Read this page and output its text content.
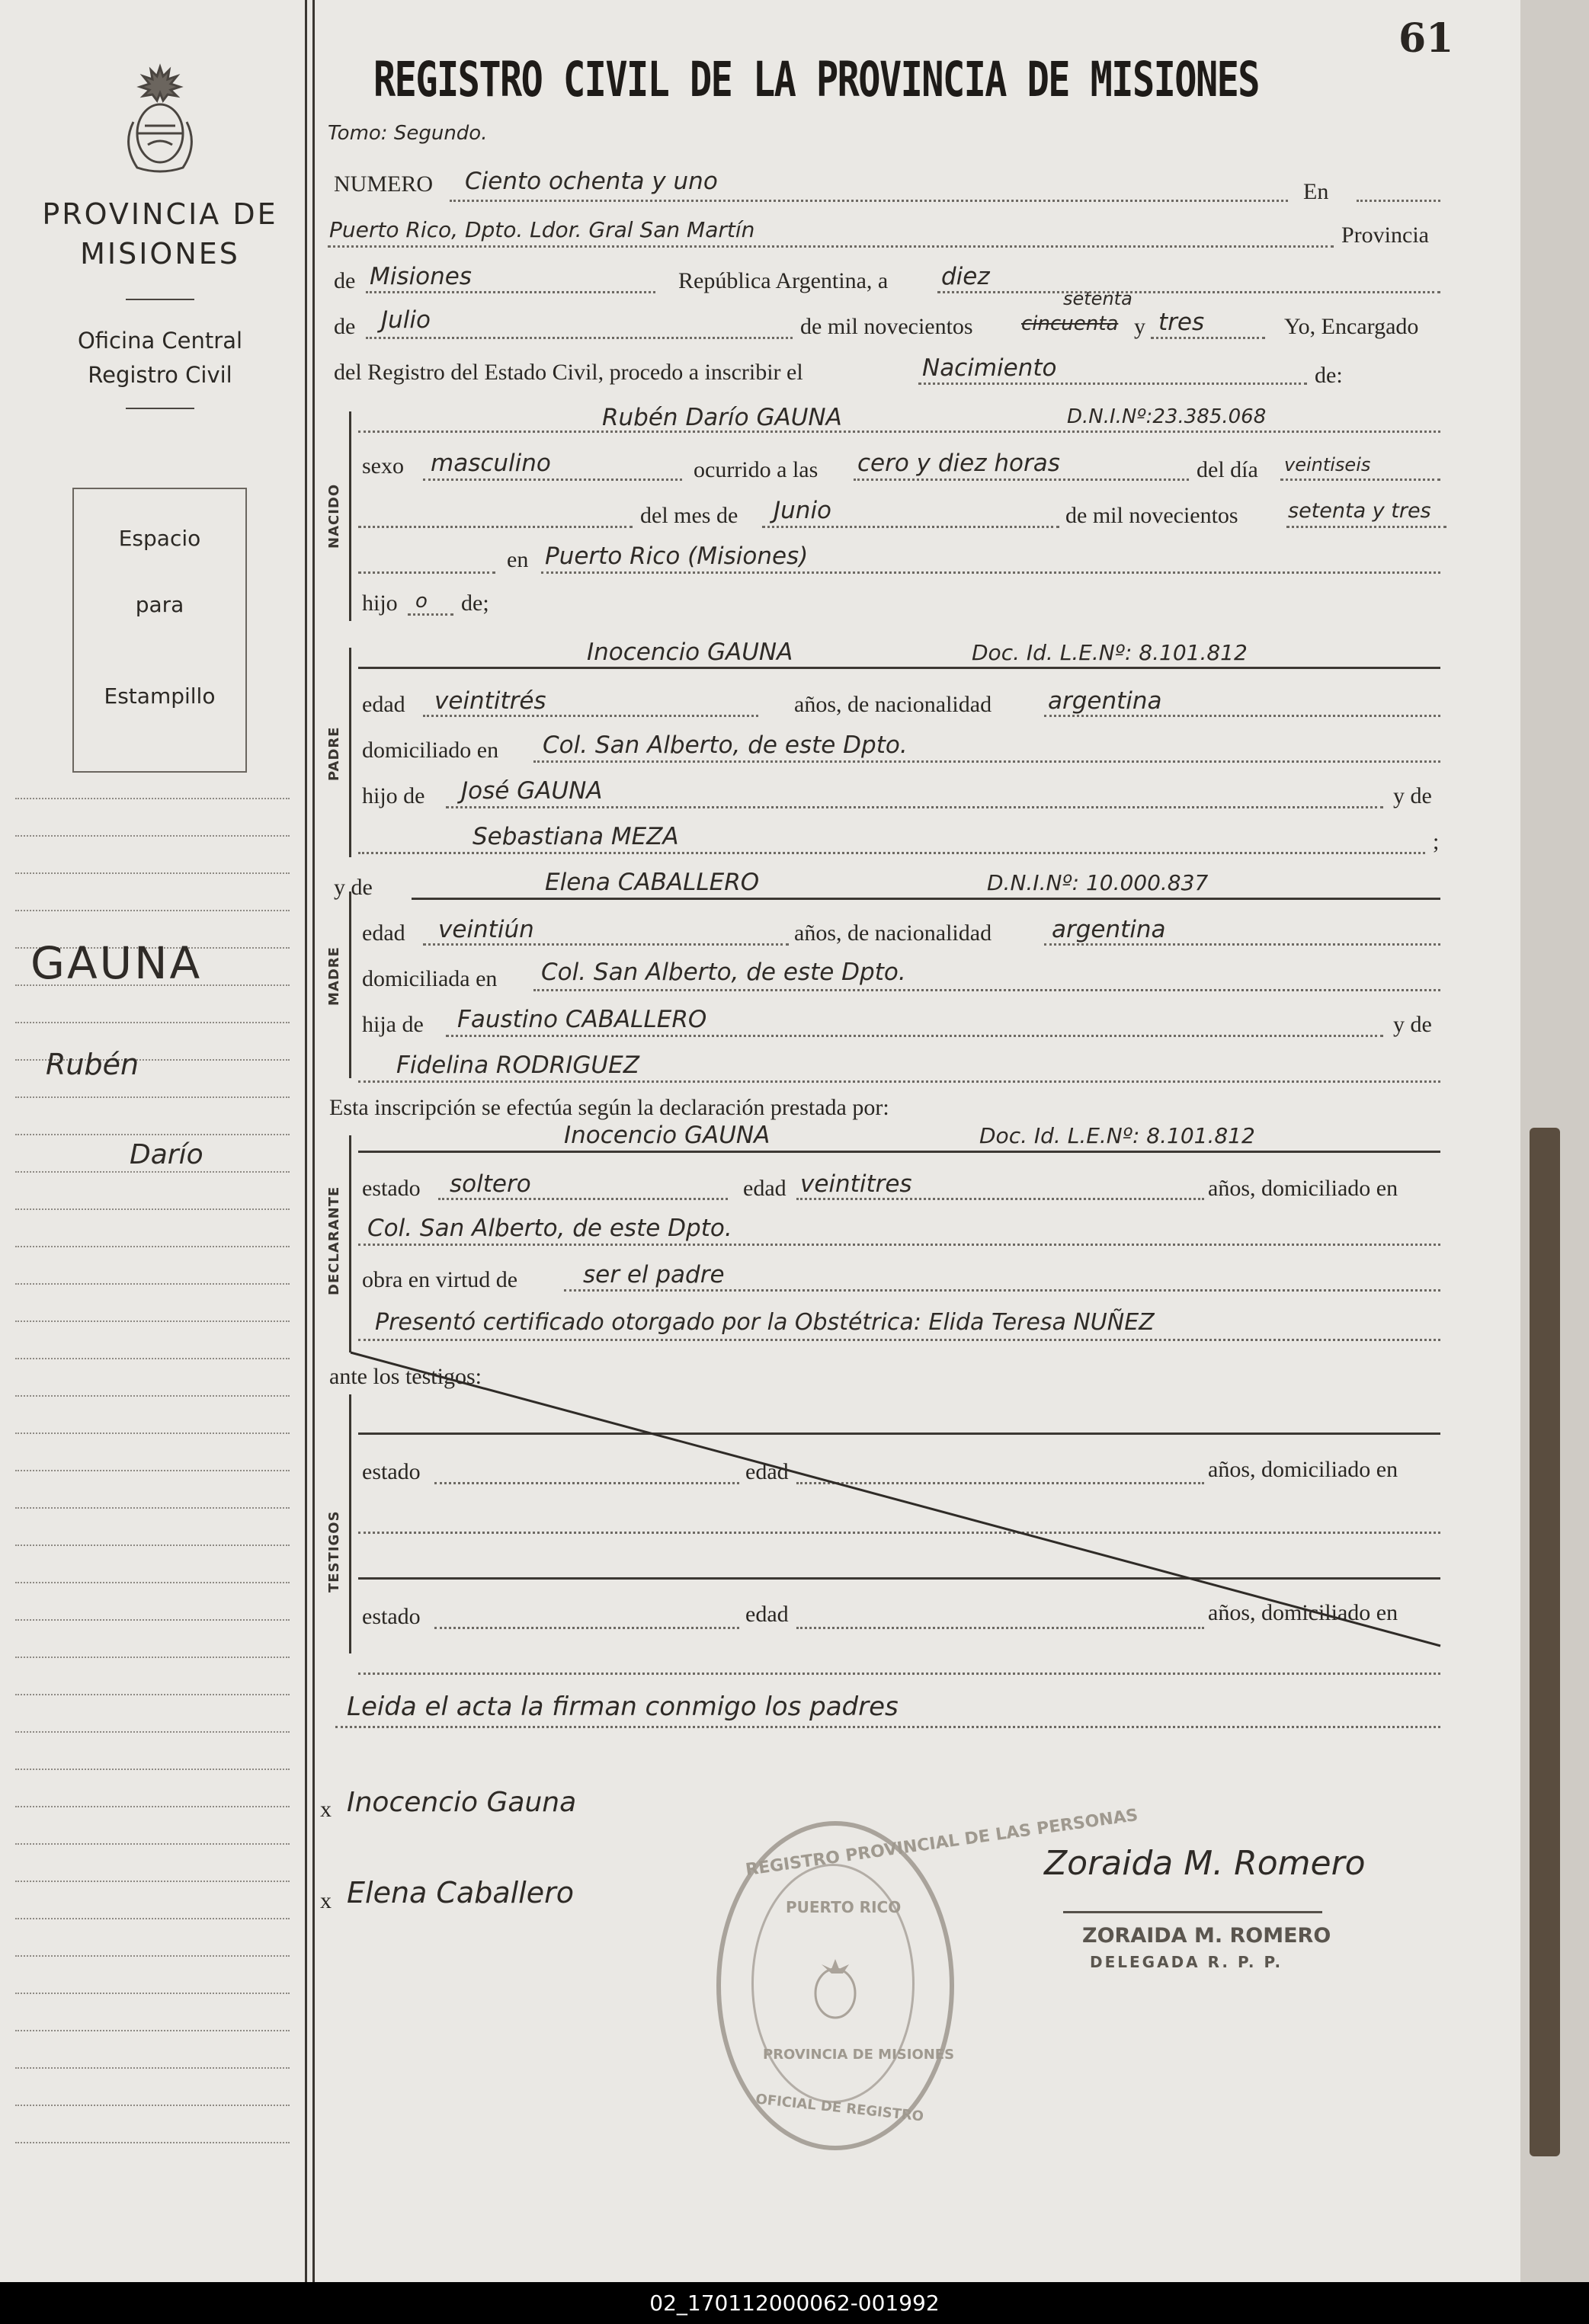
PROVINCIA DE
MISIONES
Oficina Central
Registro Civil
Espacio
para
Estampillo
GAUNA
Rubén
Darío
REGISTRO CIVIL DE LA PROVINCIA DE MISIONES
61
Tomo: Segundo.
NUMERO Ciento ochenta y uno	En
Puerto Rico, Dpto. Ldor. Gral San Martín	Provincia
de Misiones	República Argentina, a diez
de Julio	de mil novecientos cincuenta
setenta
y tres	Yo, Encargado
del Registro del Estado Civil, procedo a inscribir el	Nacimiento	de:
NACIDO
Rubén Darío GAUNA	D.N.I.Nº:23.385.068
sexo masculino	ocurrido a las cero y diez horas	del día veintiseis
del mes de Junio	de mil novecientos setenta y tres
en Puerto Rico (Misiones)
hijo o de;
PADRE
Inocencio GAUNA	Doc. Id. L.E.Nº: 8.101.812
edad veintitrés	años, de nacionalidad argentina
domiciliado en Col. San Alberto, de este Dpto.
hijo de José GAUNA	y de
Sebastiana MEZA	;
y de
MADRE
Elena CABALLERO	D.N.I.Nº: 10.000.837
edad veintiún	años, de nacionalidad	argentina
domiciliada en Col. San Alberto, de este Dpto.
hija de Faustino CABALLERO	y de
Fidelina RODRIGUEZ
Esta inscripción se efectúa según la declaración prestada por:
DECLARANTE
Inocencio GAUNA	Doc. Id. L.E.Nº: 8.101.812
estado soltero	edad veintitres	años, domiciliado en
Col. San Alberto, de este Dpto.
obra en virtud de	ser el padre
Presentó certificado otorgado por la Obstétrica: Elida Teresa NUÑEZ
ante los testigos:
TESTIGOS
estado	edad	años, domiciliado en
estado	edad	años, domiciliado en
Leida el acta la firman conmigo los padres
x Inocencio Gauna
x Elena Caballero
Zoraida M. Romero
ZORAIDA M. ROMERO
DELEGADA R. P. P.
REGISTRO PROVINCIAL DE LAS PERSONAS
PUERTO RICO
PROVINCIA DE MISIONES
OFICIAL DE REGISTRO
02_170112000062-001992
